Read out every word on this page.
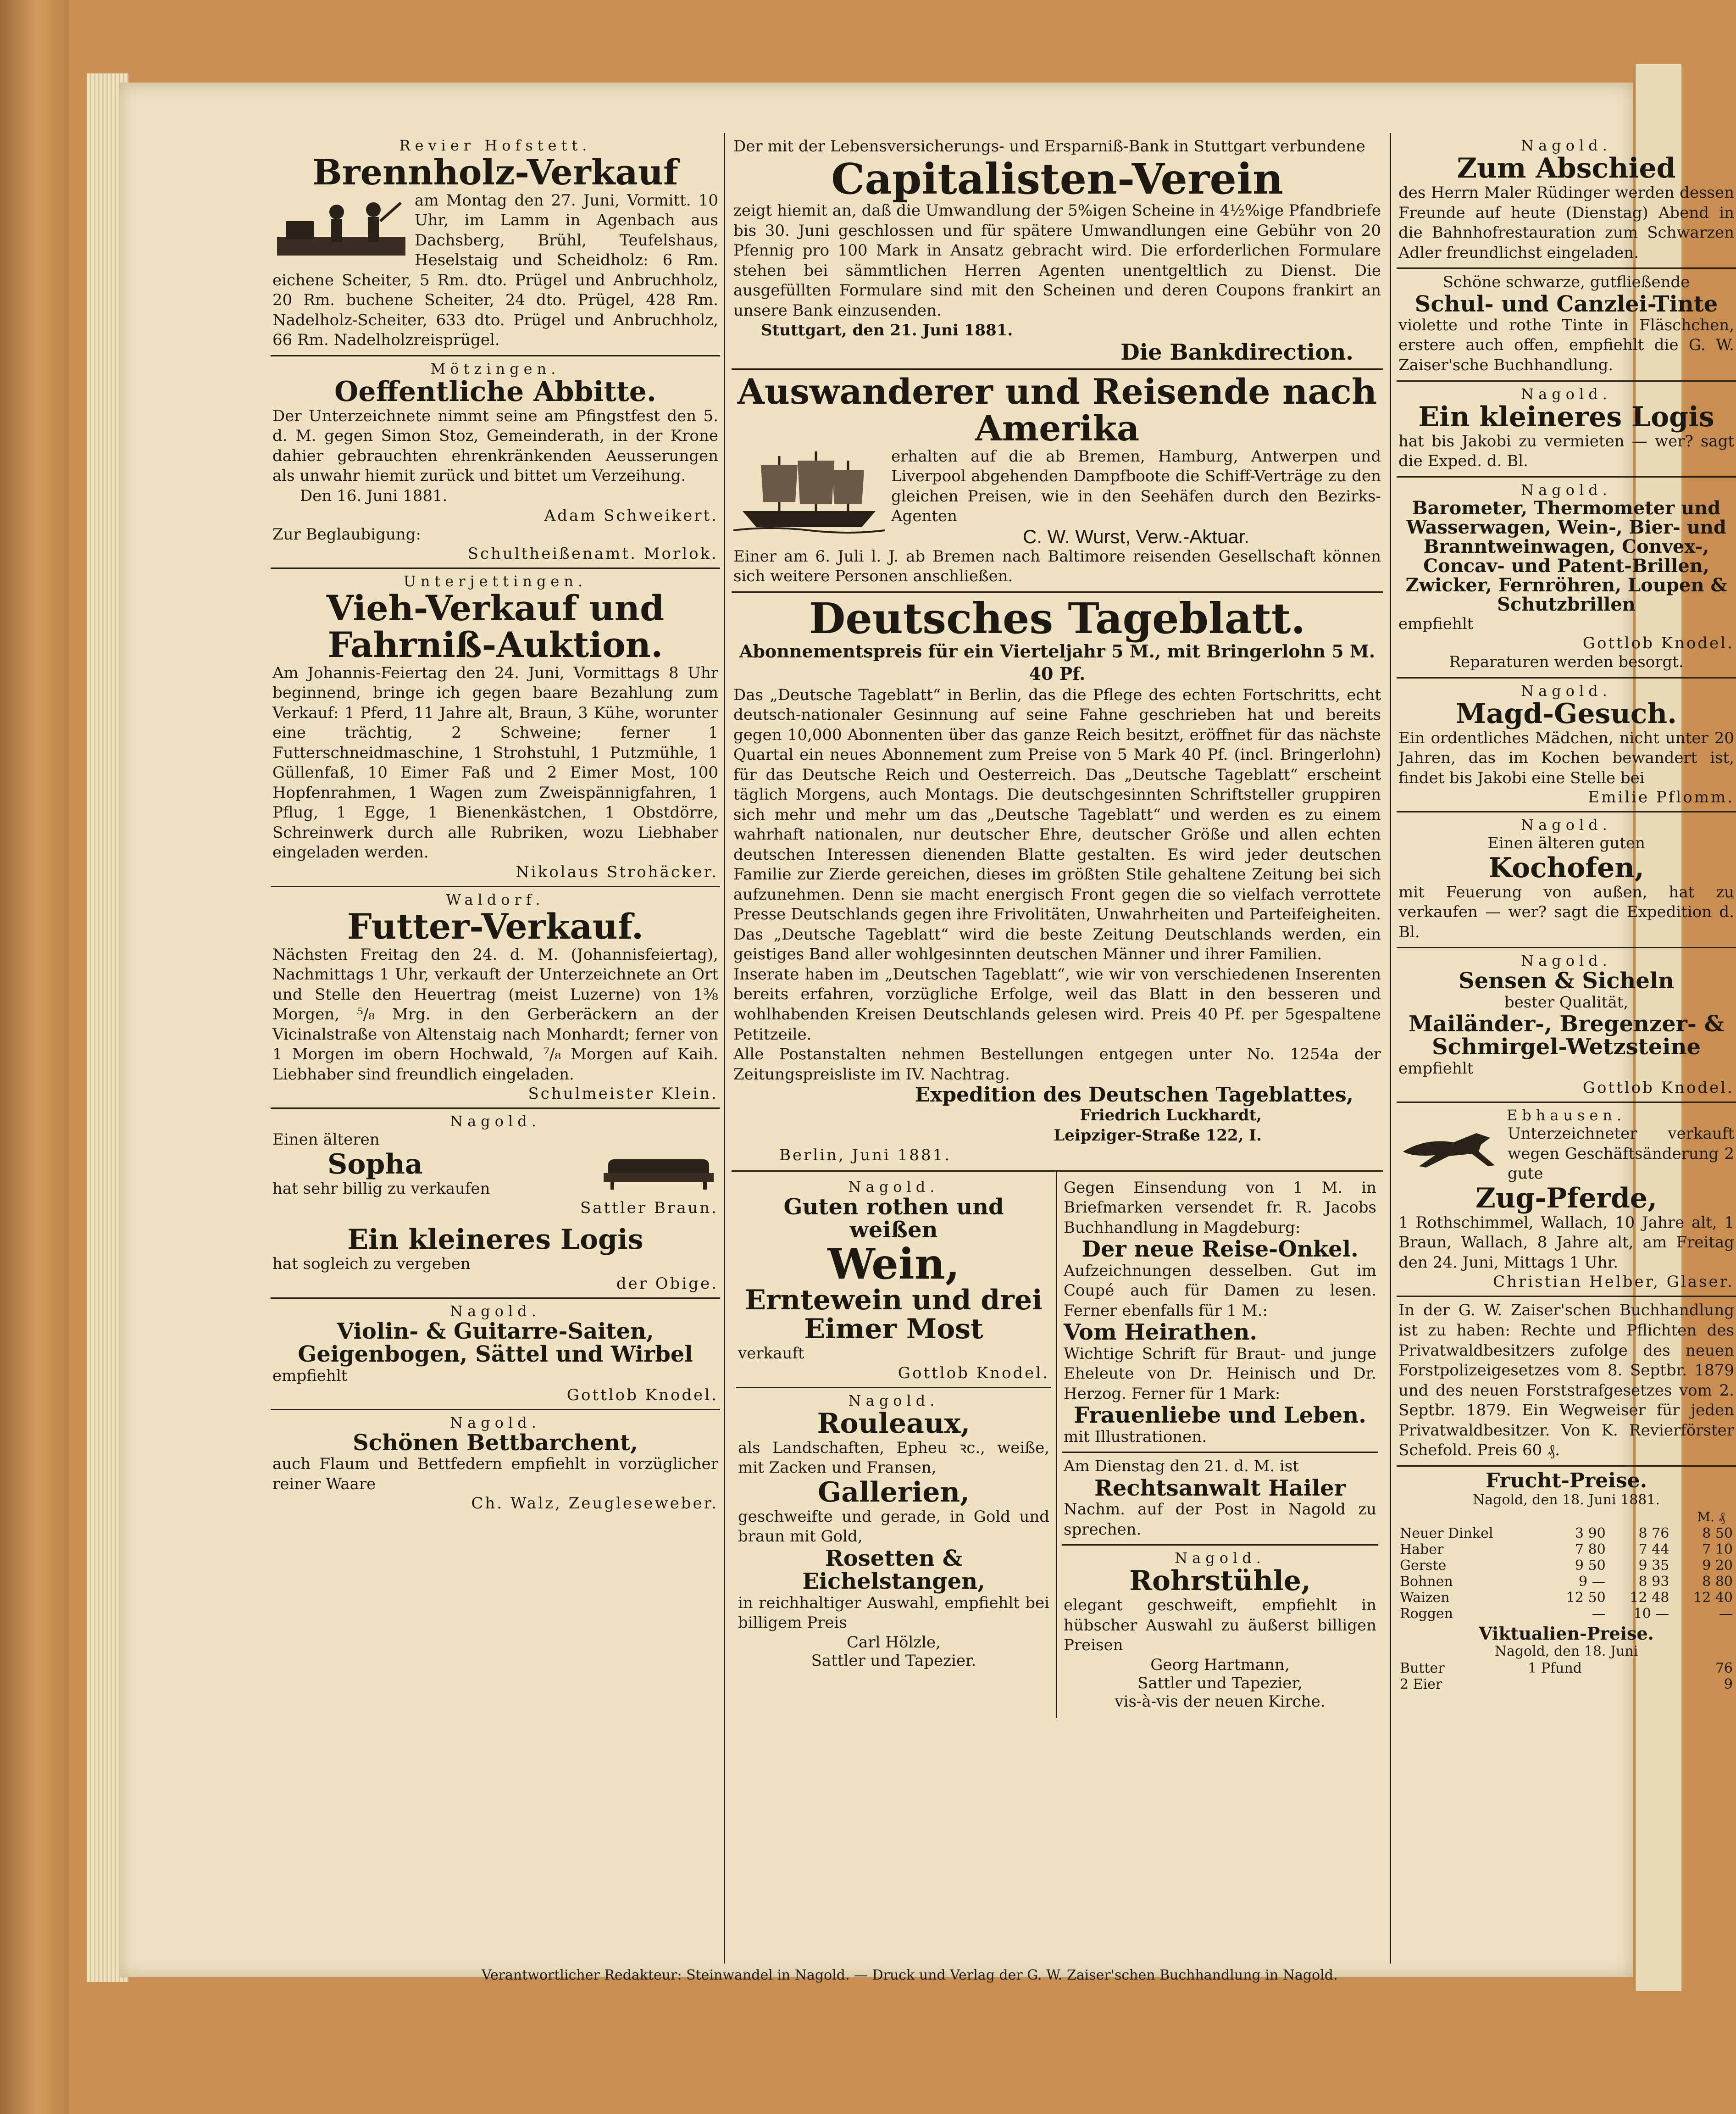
Revier Hofstett.
Brennholz-Verkauf
am Montag den 27. Juni, Vormitt. 10 Uhr, im Lamm in Agenbach aus Dachsberg, Brühl, Teufelshaus, Heselstaig und Scheidholz: 6 Rm. eichene Scheiter, 5 Rm. dto. Prügel und Anbruchholz, 20 Rm. buchene Scheiter, 24 dto. Prügel, 428 Rm. Nadelholz-Scheiter, 633 dto. Prügel und Anbruchholz, 66 Rm. Nadelholzreisprügel.
Mötzingen.
Oeffentliche Abbitte.
Der Unterzeichnete nimmt seine am Pfingstfest den 5. d. M. gegen Simon Stoz, Gemeinderath, in der Krone dahier gebrauchten ehrenkränkenden Aeusserungen als unwahr hiemit zurück und bittet um Verzeihung.
Den 16. Juni 1881.
Adam Schweikert.
Zur Beglaubigung:
Schultheißenamt. Morlok.
Unterjettingen.
Vieh-Verkauf und Fahrniß-Auktion.
Am Johannis-Feiertag den 24. Juni, Vormittags 8 Uhr beginnend, bringe ich gegen baare Bezahlung zum Verkauf: 1 Pferd, 11 Jahre alt, Braun, 3 Kühe, worunter eine trächtig, 2 Schweine; ferner 1 Futterschneidmaschine, 1 Strohstuhl, 1 Putzmühle, 1 Güllenfaß, 10 Eimer Faß und 2 Eimer Most, 100 Hopfenrahmen, 1 Wagen zum Zweispännigfahren, 1 Pflug, 1 Egge, 1 Bienenkästchen, 1 Obstdörre, Schreinwerk durch alle Rubriken, wozu Liebhaber eingeladen werden.
Nikolaus Strohäcker.
Waldorf.
Futter-Verkauf.
Nächsten Freitag den 24. d. M. (Johannisfeiertag), Nachmittags 1 Uhr, verkauft der Unterzeichnete an Ort und Stelle den Heuertrag (meist Luzerne) von 1⅜ Morgen, ⁵/₈ Mrg. in den Gerberäckern an der Vicinalstraße von Altenstaig nach Monhardt; ferner von 1 Morgen im obern Hochwald, ⁷/₈ Morgen auf Kaih. Liebhaber sind freundlich eingeladen.
Schulmeister Klein.
Nagold.
Einen älteren
Sopha
hat sehr billig zu verkaufen
Sattler Braun.
Ein kleineres Logis
hat sogleich zu vergeben
der Obige.
Nagold.
Violin- & Guitarre-Saiten, Geigenbogen, Sättel und Wirbel
empfiehlt
Gottlob Knodel.
Nagold.
Schönen Bettbarchent,
auch Flaum und Bettfedern empfiehlt in vorzüglicher reiner Waare
Ch. Walz, Zeugleseweber.
Der mit der Lebensversicherungs- und Ersparniß-Bank in Stuttgart verbundene
Capitalisten-Verein
zeigt hiemit an, daß die Umwandlung der 5%igen Scheine in 4½%ige Pfandbriefe bis 30. Juni geschlossen und für spätere Umwandlungen eine Gebühr von 20 Pfennig pro 100 Mark in Ansatz gebracht wird. Die erforderlichen Formulare stehen bei sämmtlichen Herren Agenten unentgeltlich zu Dienst. Die ausgefüllten Formulare sind mit den Scheinen und deren Coupons frankirt an unsere Bank einzusenden.
Stuttgart, den 21. Juni 1881.
Die Bankdirection.
Auswanderer und Reisende nach Amerika
erhalten auf die ab Bremen, Hamburg, Antwerpen und Liverpool abgehenden Dampfboote die Schiff-Verträge zu den gleichen Preisen, wie in den Seehäfen durch den Bezirks-Agenten
C. W. Wurst, Verw.-Aktuar.
Einer am 6. Juli l. J. ab Bremen nach Baltimore reisenden Gesellschaft können sich weitere Personen anschließen.
Deutsches Tageblatt.
Abonnementspreis für ein Vierteljahr 5 M., mit Bringerlohn 5 M. 40 Pf.
Das „Deutsche Tageblatt“ in Berlin, das die Pflege des echten Fortschritts, echt deutsch-nationaler Gesinnung auf seine Fahne geschrieben hat und bereits gegen 10,000 Abonnenten über das ganze Reich besitzt, eröffnet für das nächste Quartal ein neues Abonnement zum Preise von 5 Mark 40 Pf. (incl. Bringerlohn) für das Deutsche Reich und Oesterreich. Das „Deutsche Tageblatt“ erscheint täglich Morgens, auch Montags. Die deutschgesinnten Schriftsteller gruppiren sich mehr und mehr um das „Deutsche Tageblatt“ und werden es zu einem wahrhaft nationalen, nur deutscher Ehre, deutscher Größe und allen echten deutschen Interessen dienenden Blatte gestalten. Es wird jeder deutschen Familie zur Zierde gereichen, dieses im größten Stile gehaltene Zeitung bei sich aufzunehmen. Denn sie macht energisch Front gegen die so vielfach verrottete Presse Deutschlands gegen ihre Frivolitäten, Unwahrheiten und Parteifeigheiten. Das „Deutsche Tageblatt“ wird die beste Zeitung Deutschlands werden, ein geistiges Band aller wohlgesinnten deutschen Männer und ihrer Familien.
Inserate haben im „Deutschen Tageblatt“, wie wir von verschiedenen Inserenten bereits erfahren, vorzügliche Erfolge, weil das Blatt in den besseren und wohlhabenden Kreisen Deutschlands gelesen wird. Preis 40 Pf. per 5gespaltene Petitzeile.
Alle Postanstalten nehmen Bestellungen entgegen unter No. 1254a der Zeitungspreisliste im IV. Nachtrag.
Expedition des Deutschen Tageblattes,
Friedrich Luckhardt,
Leipziger-Straße 122, I.
Berlin, Juni 1881.
Nagold.
Guten rothen und weißen
Wein,
Erntewein und drei Eimer Most
verkauft
Gottlob Knodel.
Nagold.
Rouleaux,
als Landschaften, Epheu ꝛc., weiße, mit Zacken und Fransen,
Gallerien,
geschweifte und gerade, in Gold und braun mit Gold,
Rosetten & Eichelstangen,
in reichhaltiger Auswahl, empfiehlt bei billigem Preis
Carl Hölzle,
Sattler und Tapezier.
Gegen Einsendung von 1 M. in Briefmarken versendet fr. R. Jacobs Buchhandlung in Magdeburg:
Der neue Reise-Onkel.
Aufzeichnungen desselben. Gut im Coupé auch für Damen zu lesen. Ferner ebenfalls für 1 M.:
Vom Heirathen.
Wichtige Schrift für Braut- und junge Eheleute von Dr. Heinisch und Dr. Herzog. Ferner für 1 Mark:
Frauenliebe und Leben.
mit Illustrationen.
Am Dienstag den 21. d. M. ist
Rechtsanwalt Hailer
Nachm. auf der Post in Nagold zu sprechen.
Nagold.
Rohrstühle,
elegant geschweift, empfiehlt in hübscher Auswahl zu äußerst billigen Preisen
Georg Hartmann,
Sattler und Tapezier,
vis-à-vis der neuen Kirche.
Nagold.
Zum Abschied
des Herrn Maler Rüdinger werden dessen Freunde auf heute (Dienstag) Abend in die Bahnhofrestauration zum Schwarzen Adler freundlichst eingeladen.
Schöne schwarze, gutfließende
Schul- und Canzlei-Tinte
violette und rothe Tinte in Fläschchen, erstere auch offen, empfiehlt die G. W. Zaiser'sche Buchhandlung.
Nagold.
Ein kleineres Logis
hat bis Jakobi zu vermieten — wer? sagt die Exped. d. Bl.
Nagold.
Barometer, Thermometer und Wasserwagen, Wein-, Bier- und Branntweinwagen, Convex-, Concav- und Patent-Brillen, Zwicker, Fernröhren, Loupen & Schutzbrillen
empfiehlt
Gottlob Knodel.
Reparaturen werden besorgt.
Nagold.
Magd-Gesuch.
Ein ordentliches Mädchen, nicht unter 20 Jahren, das im Kochen bewandert ist, findet bis Jakobi eine Stelle bei
Emilie Pflomm.
Nagold.
Einen älteren guten
Kochofen,
mit Feuerung von außen, hat zu verkaufen — wer? sagt die Expedition d. Bl.
Nagold.
Sensen & Sicheln
bester Qualität,
Mailänder-, Bregenzer- & Schmirgel-Wetzsteine
empfiehlt
Gottlob Knodel.
Ebhausen.
Unterzeichneter verkauft wegen Geschäftsänderung 2 gute
Zug-Pferde,
1 Rothschimmel, Wallach, 10 Jahre alt, 1 Braun, Wallach, 8 Jahre alt, am Freitag den 24. Juni, Mittags 1 Uhr.
Christian Helber, Glaser.
In der G. W. Zaiser'schen Buchhandlung ist zu haben: Rechte und Pflichten des Privatwaldbesitzers zufolge des neuen Forstpolizeigesetzes vom 8. Septbr. 1879 und des neuen Forststrafgesetzes vom 2. Septbr. 1879. Ein Wegweiser für jeden Privatwaldbesitzer. Von K. Revierförster Schefold. Preis 60 ₰.
Frucht-Preise.
Nagold, den 18. Juni 1881.
M. ₰
Neuer Dinkel	3 90	8 76	8 50
Haber	7 80	7 44	7 10
Gerste	9 50	9 35	9 20
Bohnen	9 —	8 93	8 80
Waizen	12 50	12 48	12 40
Roggen	—	10 —	—
Viktualien-Preise.
Nagold, den 18. Juni
Butter	1 Pfund	76
2 Eier		9
Verantwortlicher Redakteur: Steinwandel in Nagold. — Druck und Verlag der G. W. Zaiser'schen Buchhandlung in Nagold.
